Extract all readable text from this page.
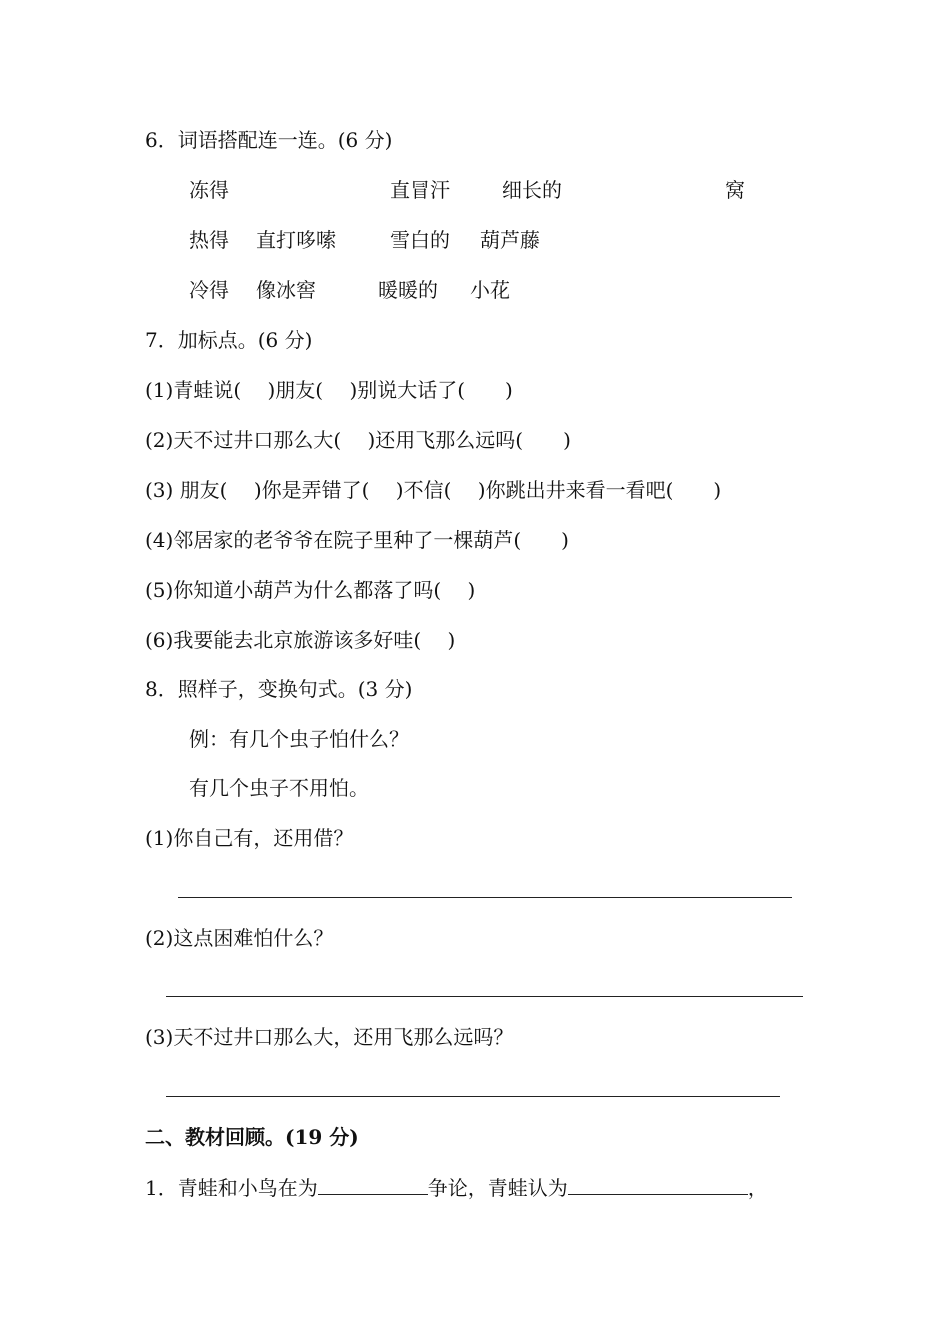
6．词语搭配连一连。(6 分)
冻得	直冒汗	细长的	窝
热得 直打哆嗦	雪白的 葫芦藤
冷得 像冰窖	暖暖的 小花
7．加标点。(6 分)
(1)青蛙说(　 )朋友(　 )别说大话了(　　)
(2)天不过井口那么大(　 )还用飞那么远吗(　　)
(3) 朋友(　 )你是弄错了(　 )不信(　 )你跳出井来看一看吧(　　)
(4)邻居家的老爷爷在院子里种了一棵葫芦(　　)
(5)你知道小葫芦为什么都落了吗(　 )
(6)我要能去北京旅游该多好哇(　 )
8．照样子，变换句式。(3 分)
例：有几个虫子怕什么？
有几个虫子不用怕。
(1)你自己有，还用借？
(2)这点困难怕什么？
(3)天不过井口那么大，还用飞那么远吗？
二、教材回顾。(19 分)
1．青蛙和小鸟在为	争论，青蛙认为	，
